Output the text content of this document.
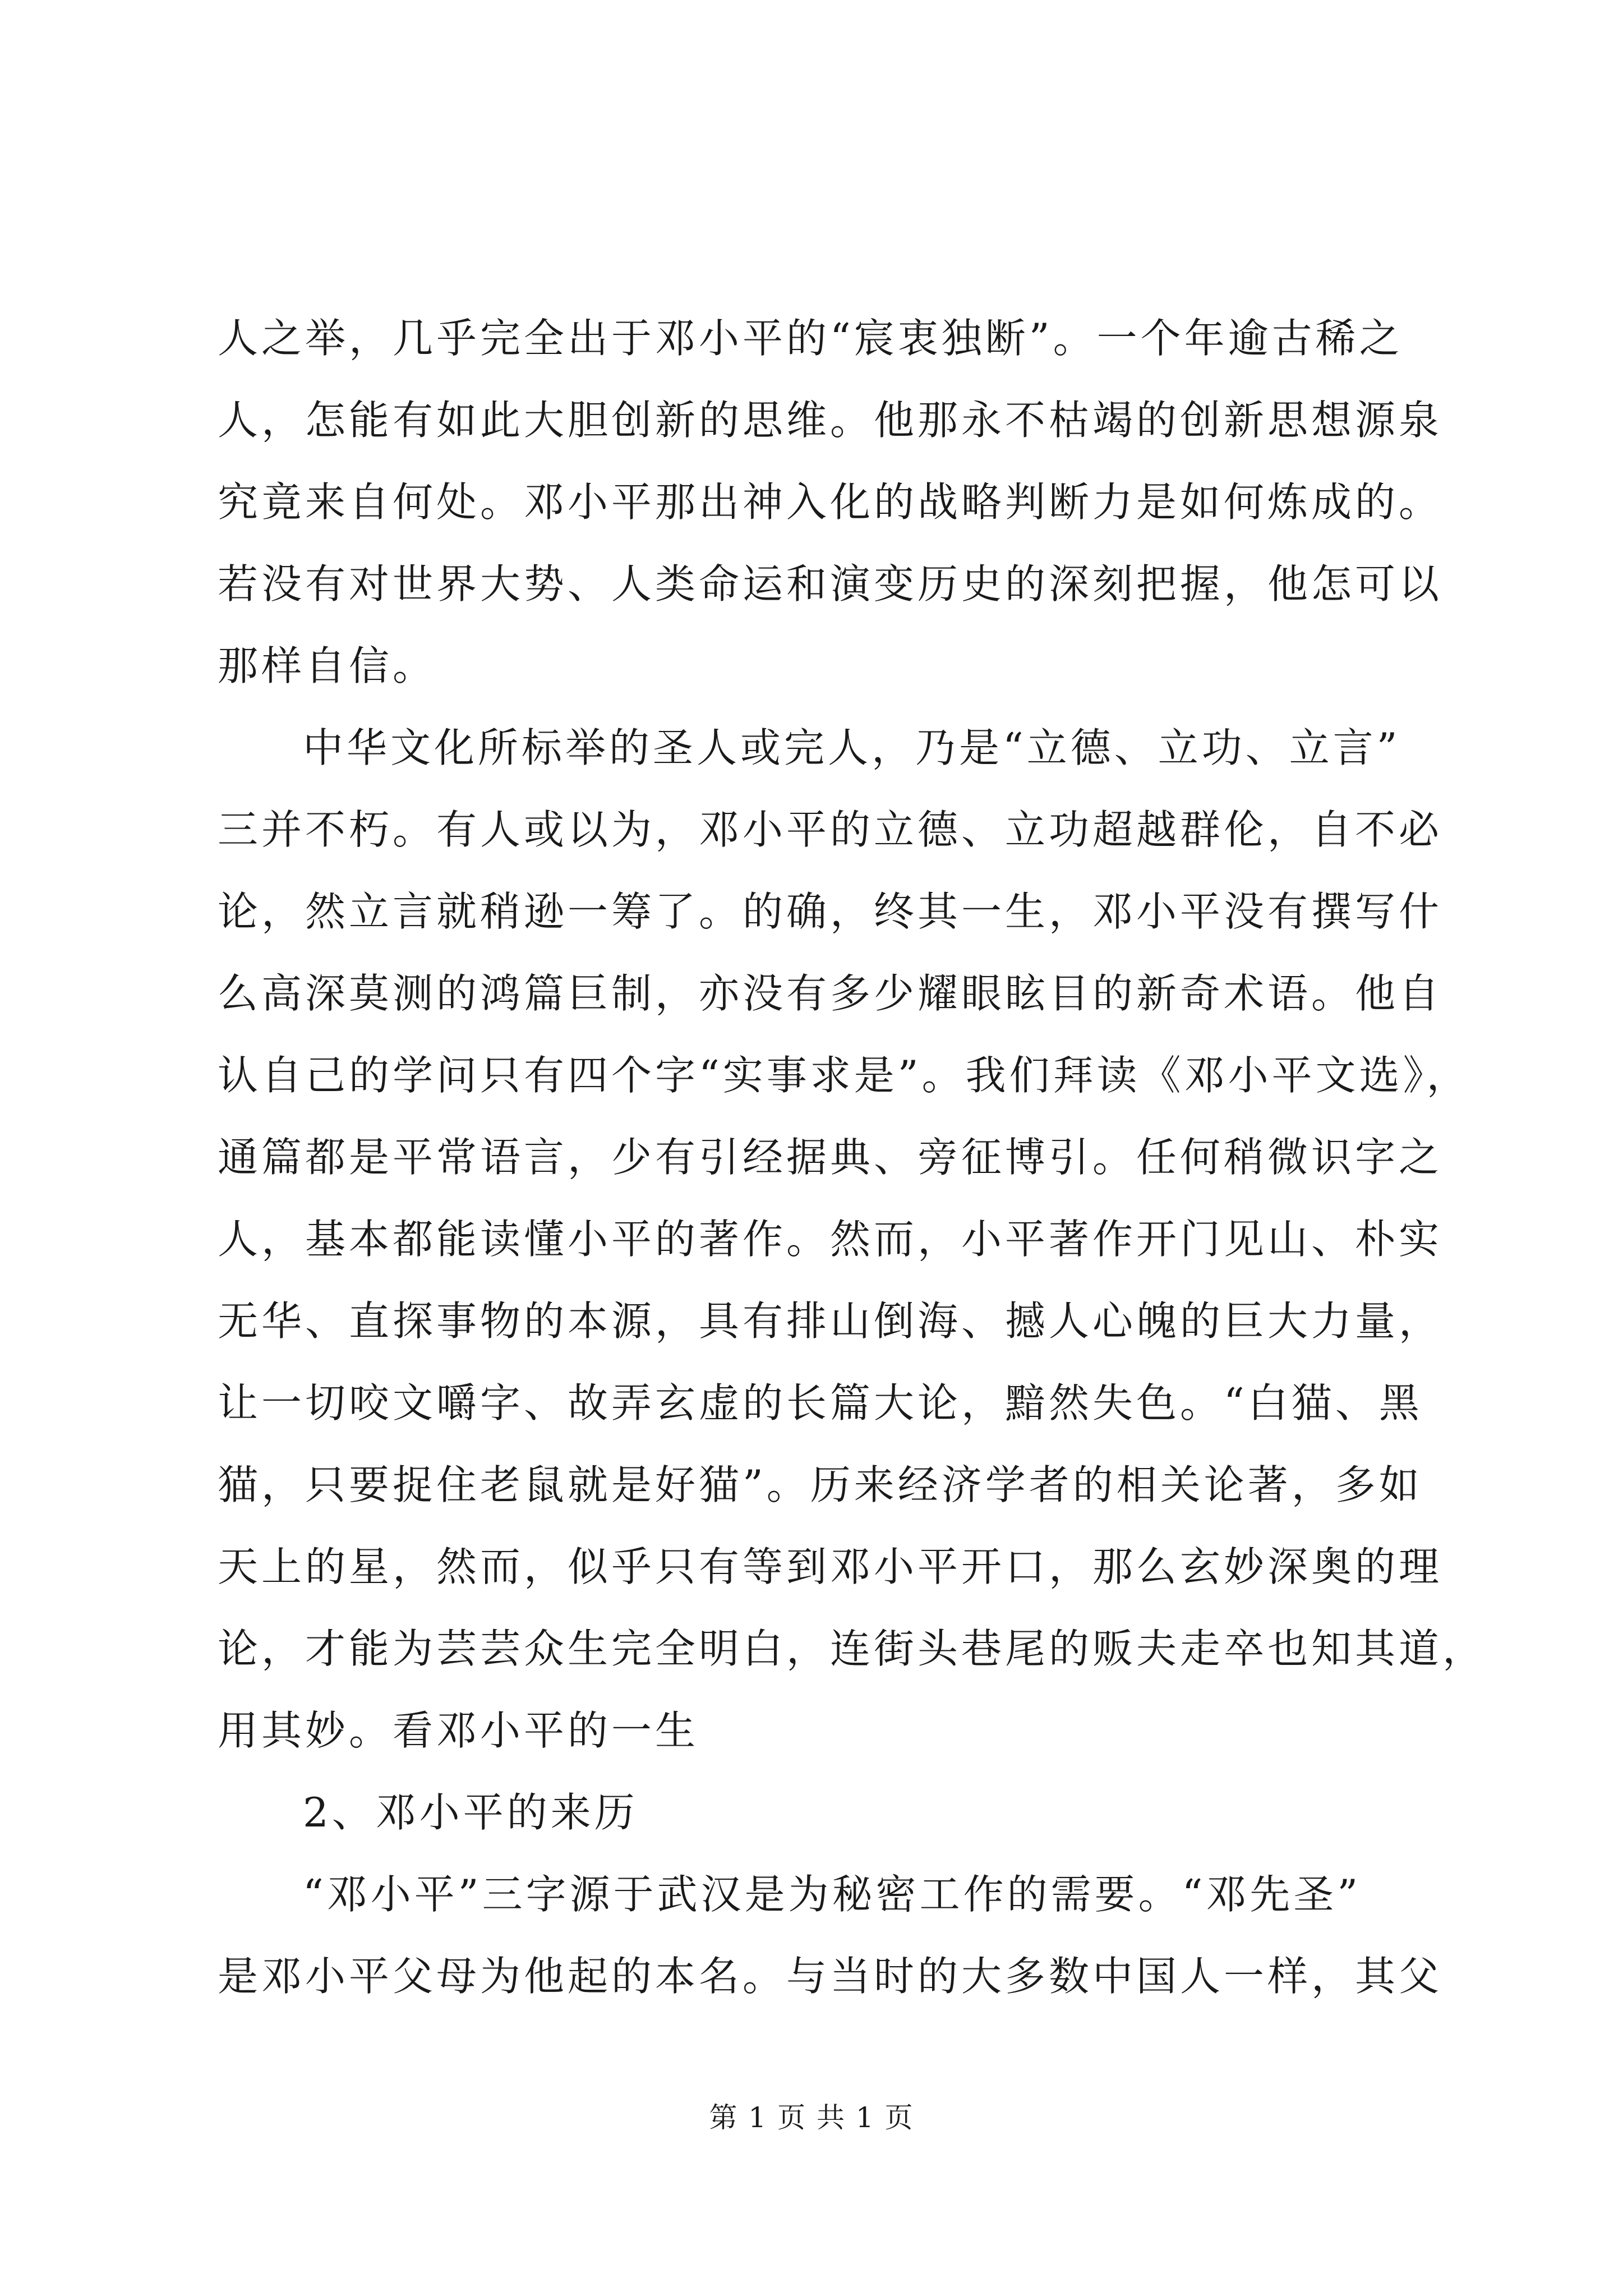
人之举，几乎完全出于邓小平的“宸衷独断”。一个年逾古稀之
人，怎能有如此大胆创新的思维。他那永不枯竭的创新思想源泉
究竟来自何处。邓小平那出神入化的战略判断力是如何炼成的。
若没有对世界大势、人类命运和演变历史的深刻把握，他怎可以
那样自信。
中华文化所标举的圣人或完人，乃是“立德、立功、立言”
三并不朽。有人或以为，邓小平的立德、立功超越群伦，自不必
论，然立言就稍逊一筹了。的确，终其一生，邓小平没有撰写什
么高深莫测的鸿篇巨制，亦没有多少耀眼眩目的新奇术语。他自
认自己的学问只有四个字“实事求是”。我们拜读《邓小平文选》，
通篇都是平常语言，少有引经据典、旁征博引。任何稍微识字之
人，基本都能读懂小平的著作。然而，小平著作开门见山、朴实
无华、直探事物的本源，具有排山倒海、撼人心魄的巨大力量，
让一切咬文嚼字、故弄玄虚的长篇大论，黯然失色。“白猫、黑
猫，只要捉住老鼠就是好猫”。历来经济学者的相关论著，多如
天上的星，然而，似乎只有等到邓小平开口，那么玄妙深奥的理
论，才能为芸芸众生完全明白，连街头巷尾的贩夫走卒也知其道，
用其妙。看邓小平的一生
2、邓小平的来历
“邓小平”三字源于武汉是为秘密工作的需要。“邓先圣”
是邓小平父母为他起的本名。与当时的大多数中国人一样，其父
第 1 页 共 1 页
